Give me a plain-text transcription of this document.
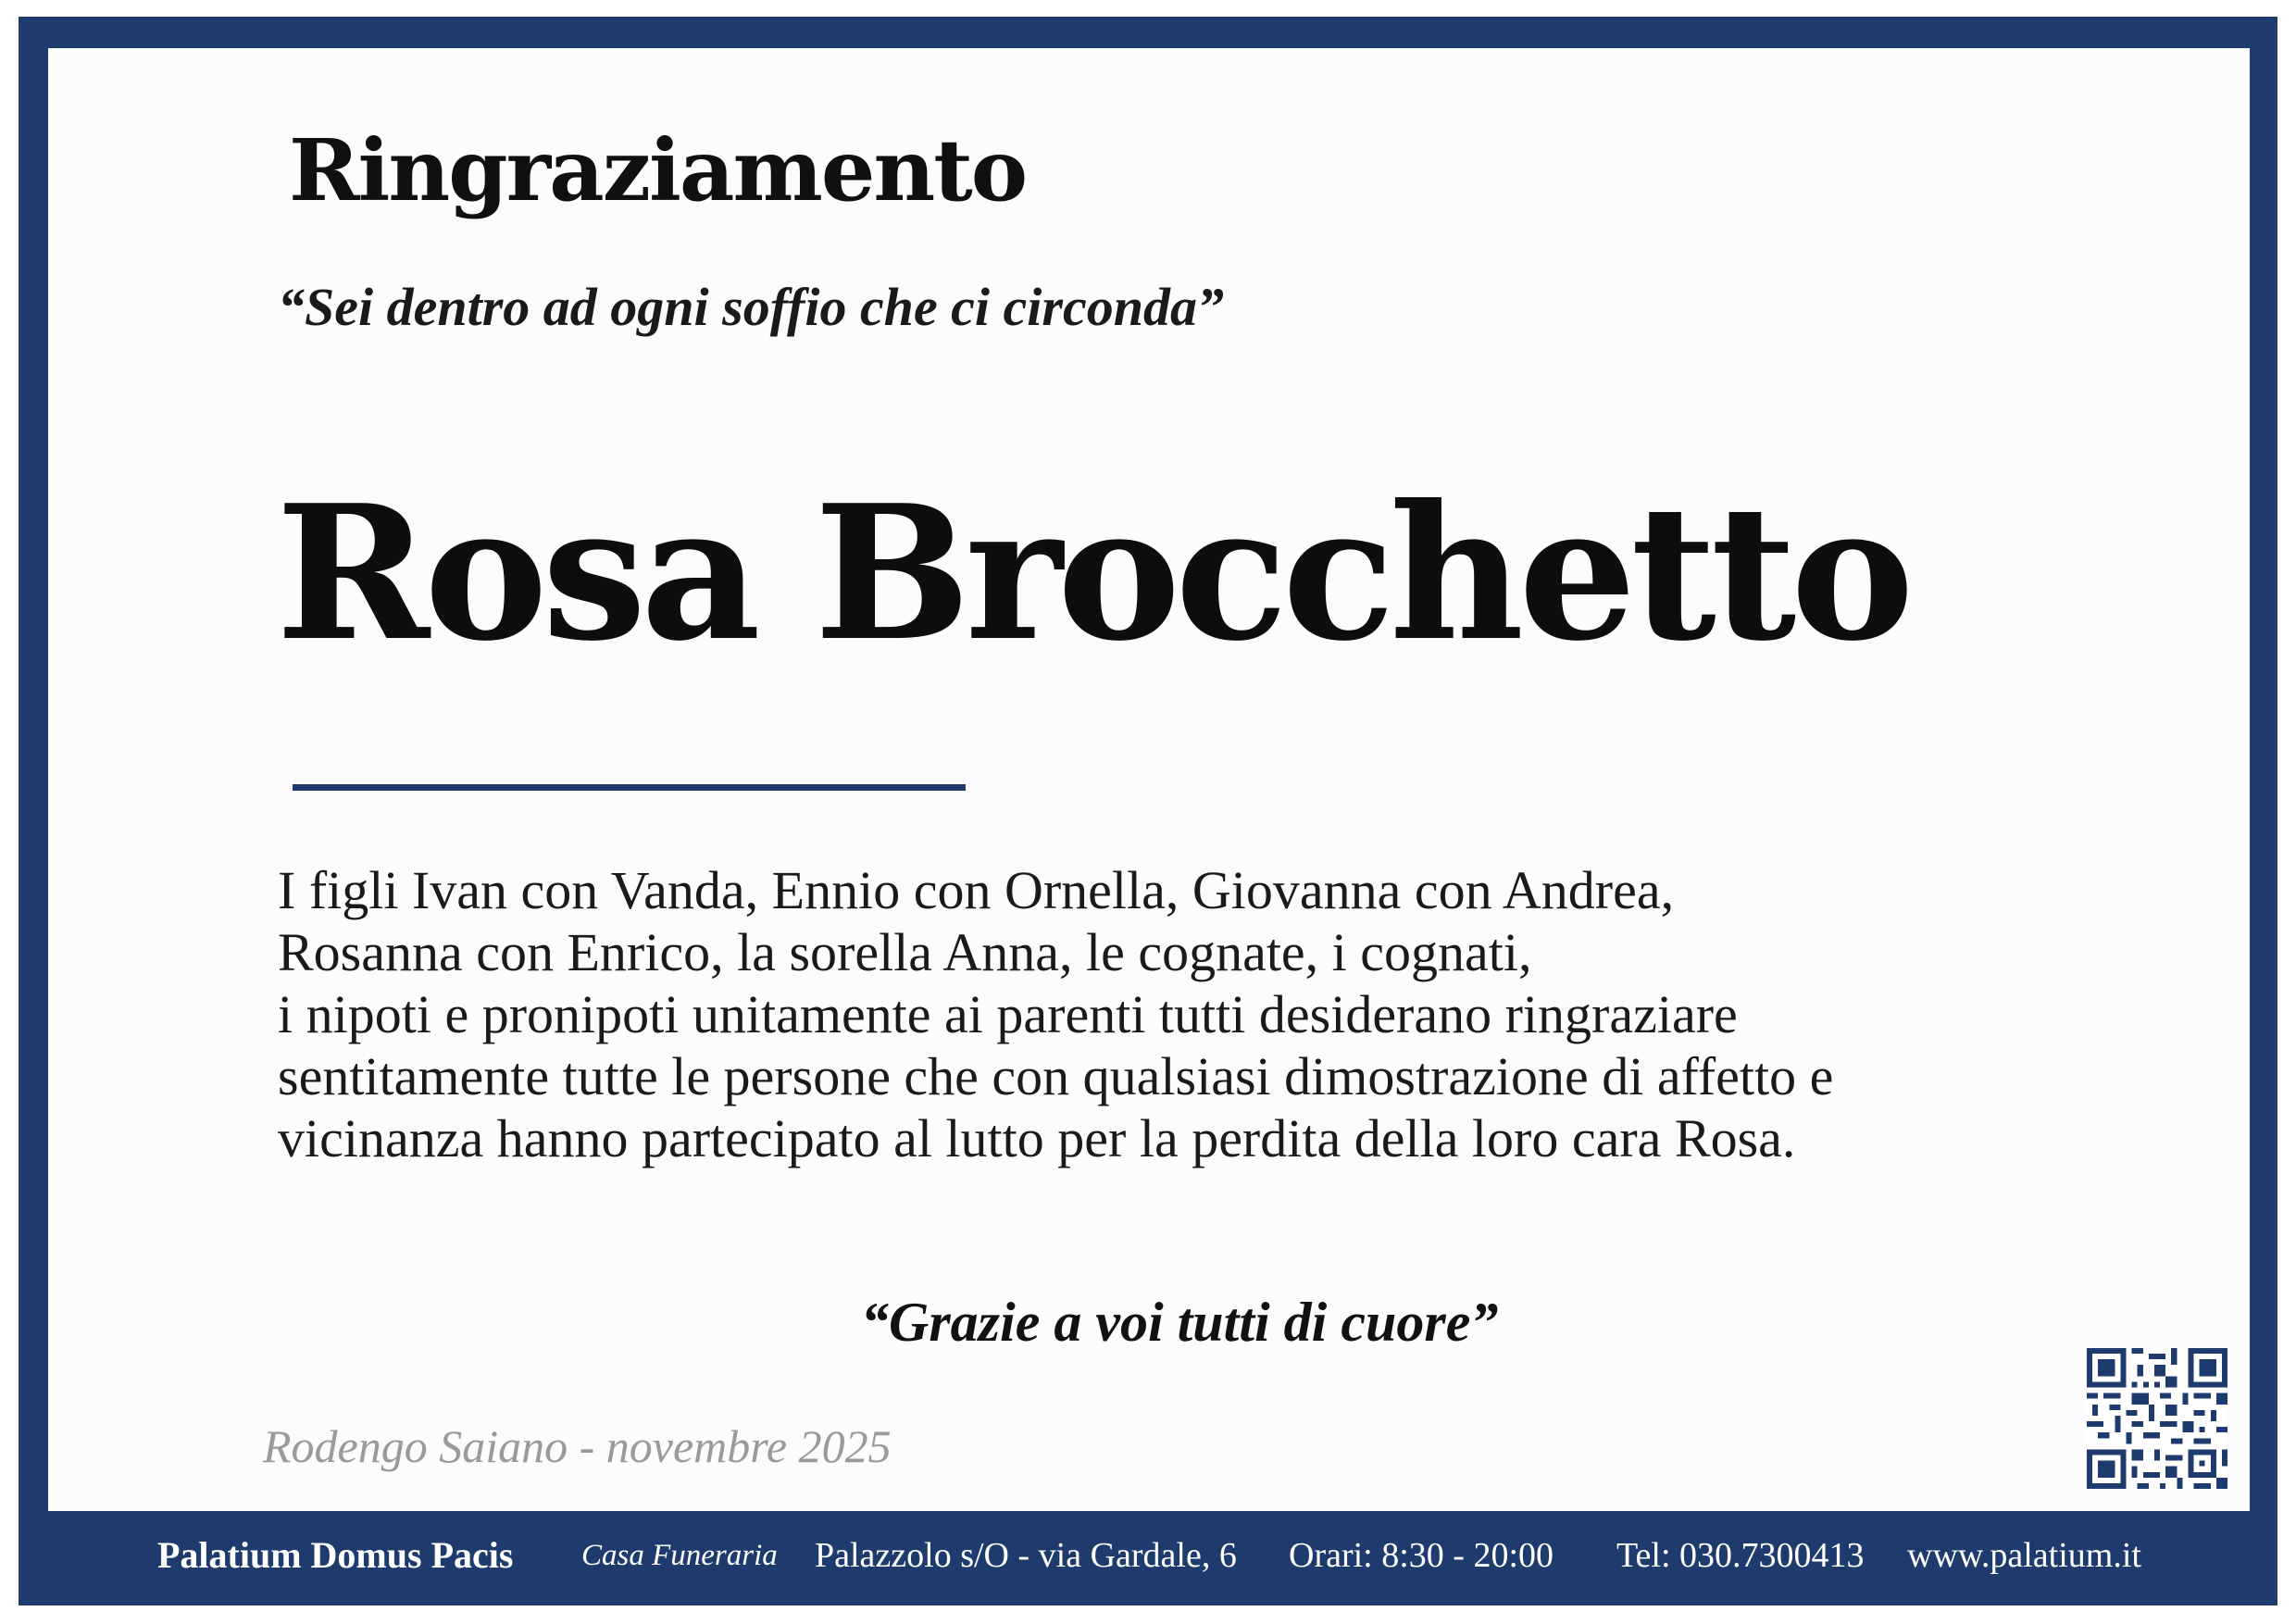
Ringraziamento
“Sei dentro ad ogni soffio che ci circonda”
Rosa Brocchetto
I figli Ivan con Vanda, Ennio con Ornella, Giovanna con Andrea,
Rosanna con Enrico, la sorella Anna, le cognate, i cognati,
i nipoti e pronipoti unitamente ai parenti tutti desiderano ringraziare
sentitamente tutte le persone che con qualsiasi dimostrazione di affetto e
vicinanza hanno partecipato al lutto per la perdita della loro cara Rosa.
“Grazie a voi tutti di cuore”
Rodengo Saiano - novembre 2025
Palatium Domus Pacis Casa Funeraria Palazzolo s/O - via Gardale, 6 Orari: 8:30 - 20:00 Tel: 030.7300413 www.palatium.it
